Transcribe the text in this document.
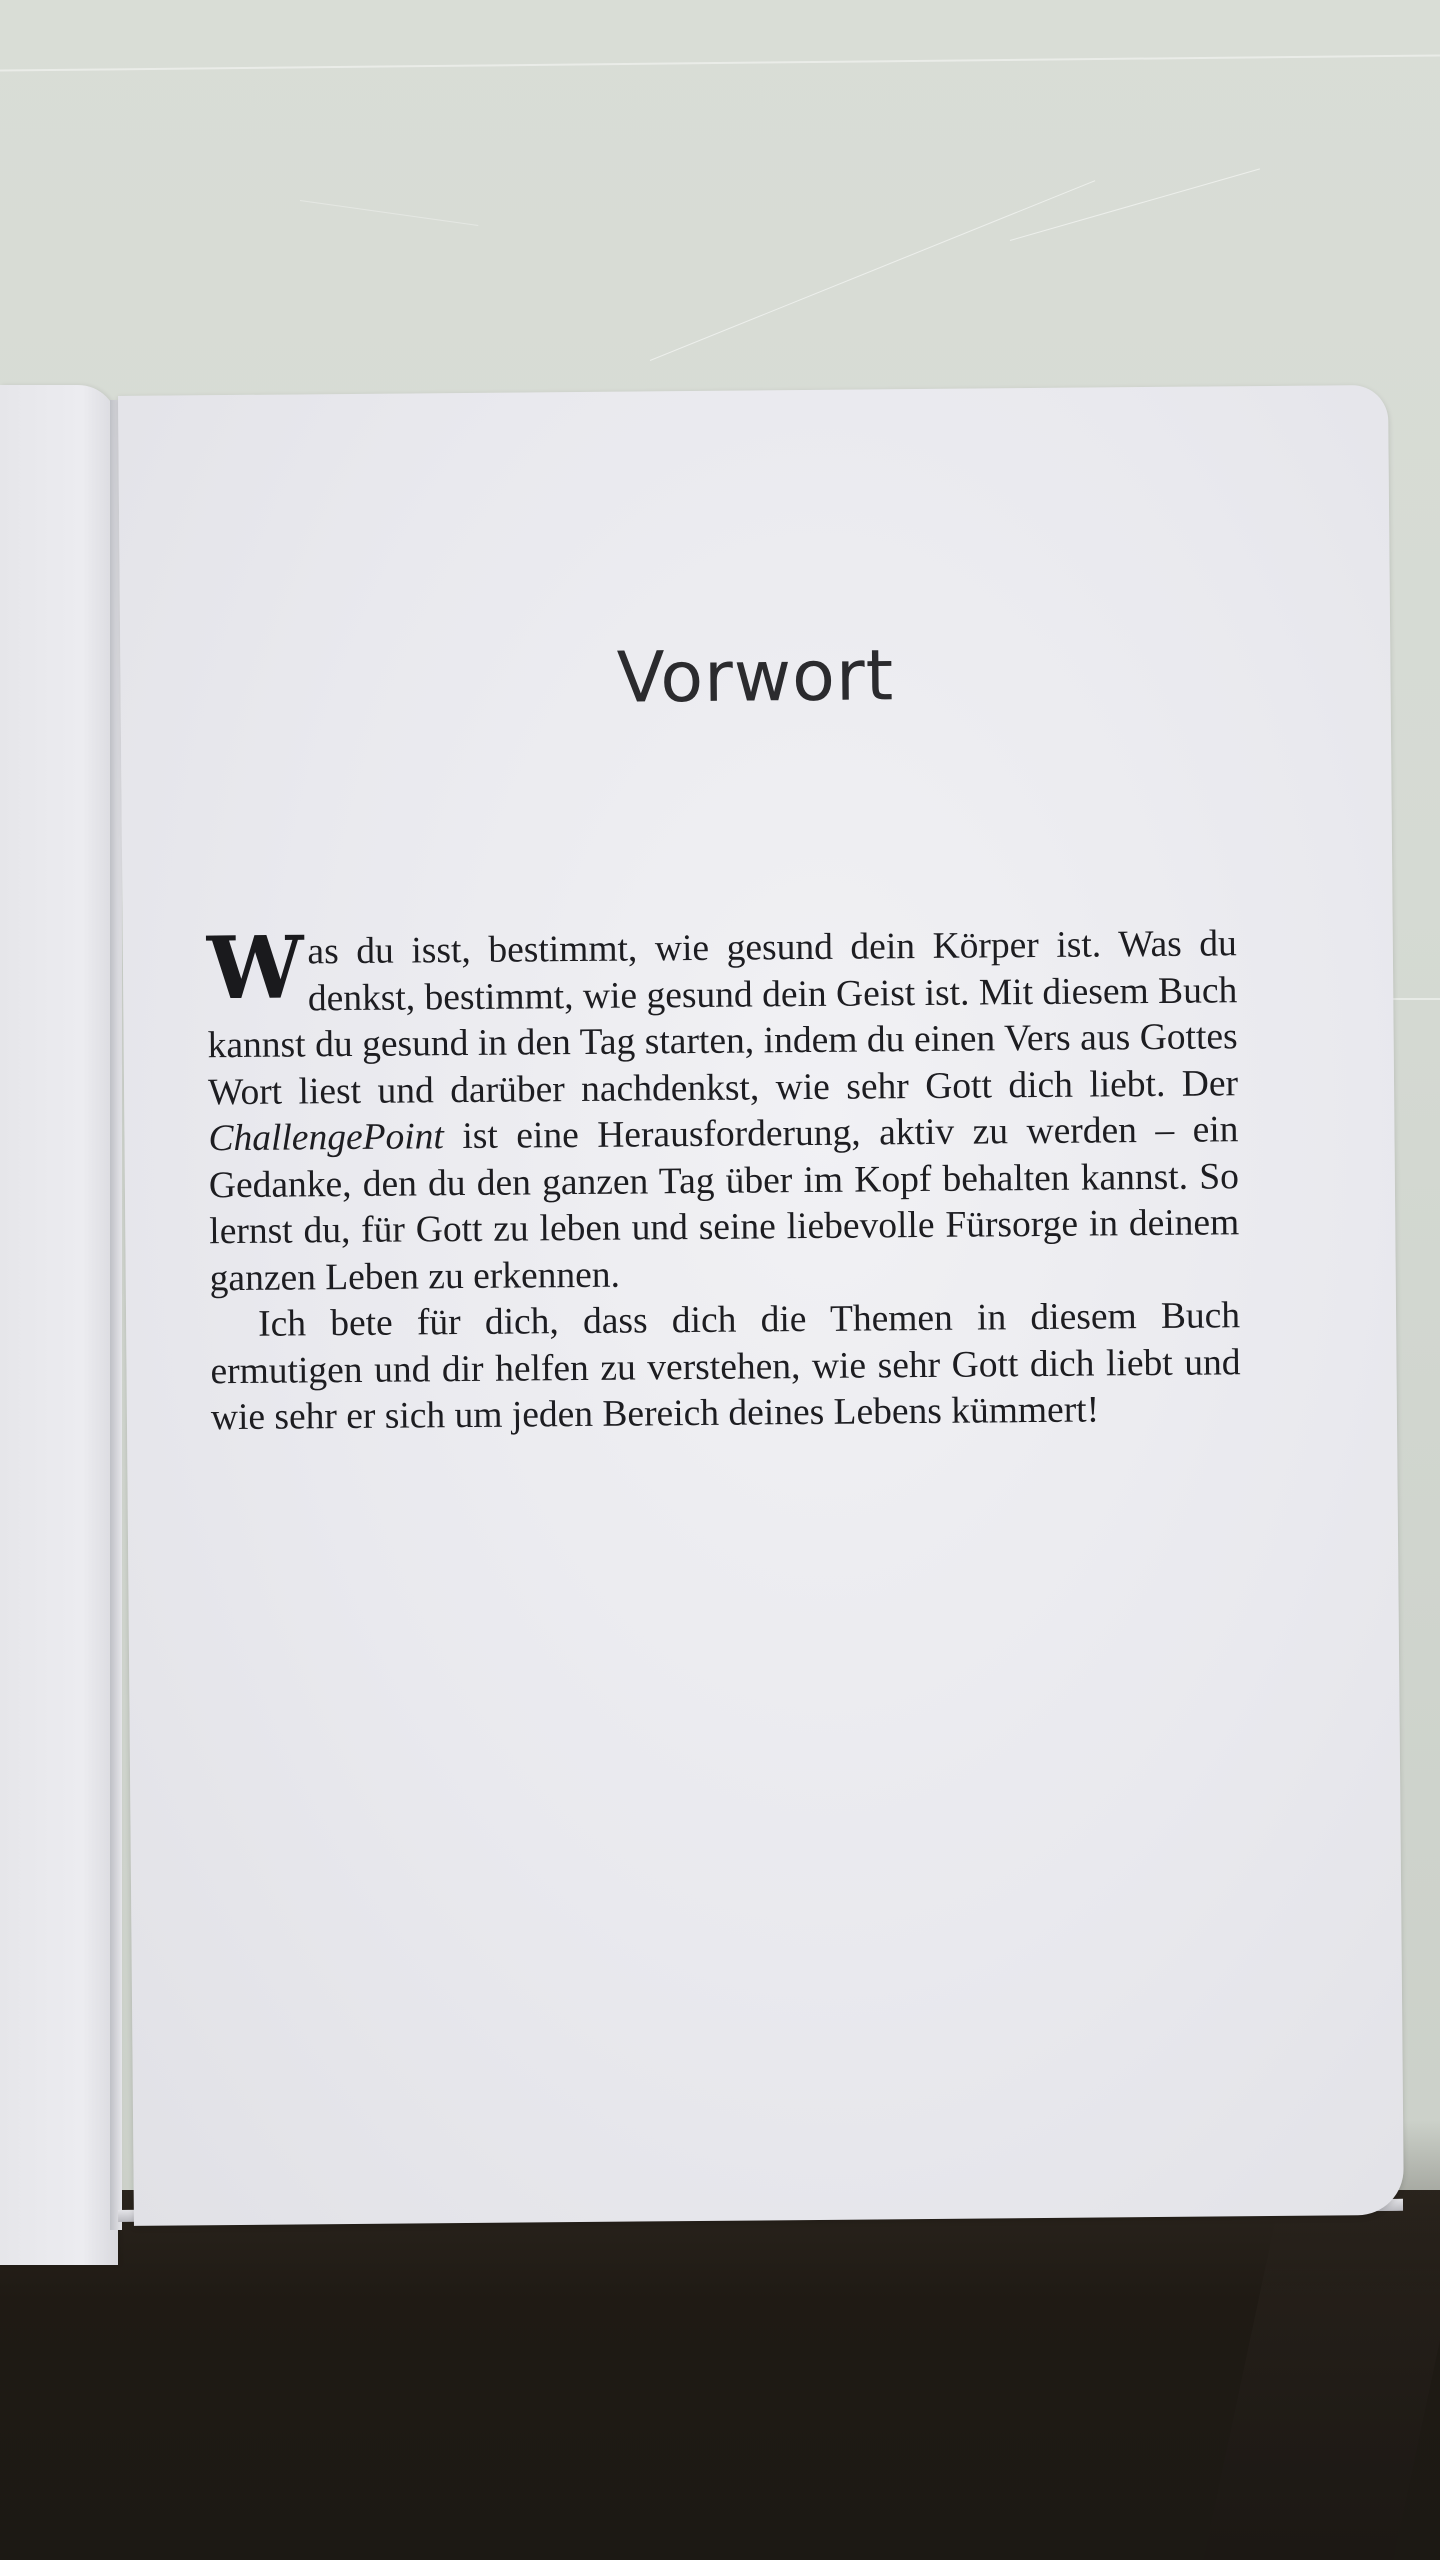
Vorwort

Was du isst, bestimmt, wie gesund dein Körper ist. Was du denkst, bestimmt, wie gesund dein Geist ist. Mit diesem Buch kannst du gesund in den Tag starten, indem du einen Vers aus Gottes Wort liest und darüber nachdenkst, wie sehr Gott dich liebt. Der ChallengePoint ist eine Herausforderung, aktiv zu werden – ein Gedanke, den du den ganzen Tag über im Kopf behalten kannst. So lernst du, für Gott zu leben und seine liebevolle Fürsorge in deinem ganzen Leben zu erkennen.

Ich bete für dich, dass dich die Themen in diesem Buch ermutigen und dir helfen zu verstehen, wie sehr Gott dich liebt und wie sehr er sich um jeden Bereich deines Lebens kümmert!
